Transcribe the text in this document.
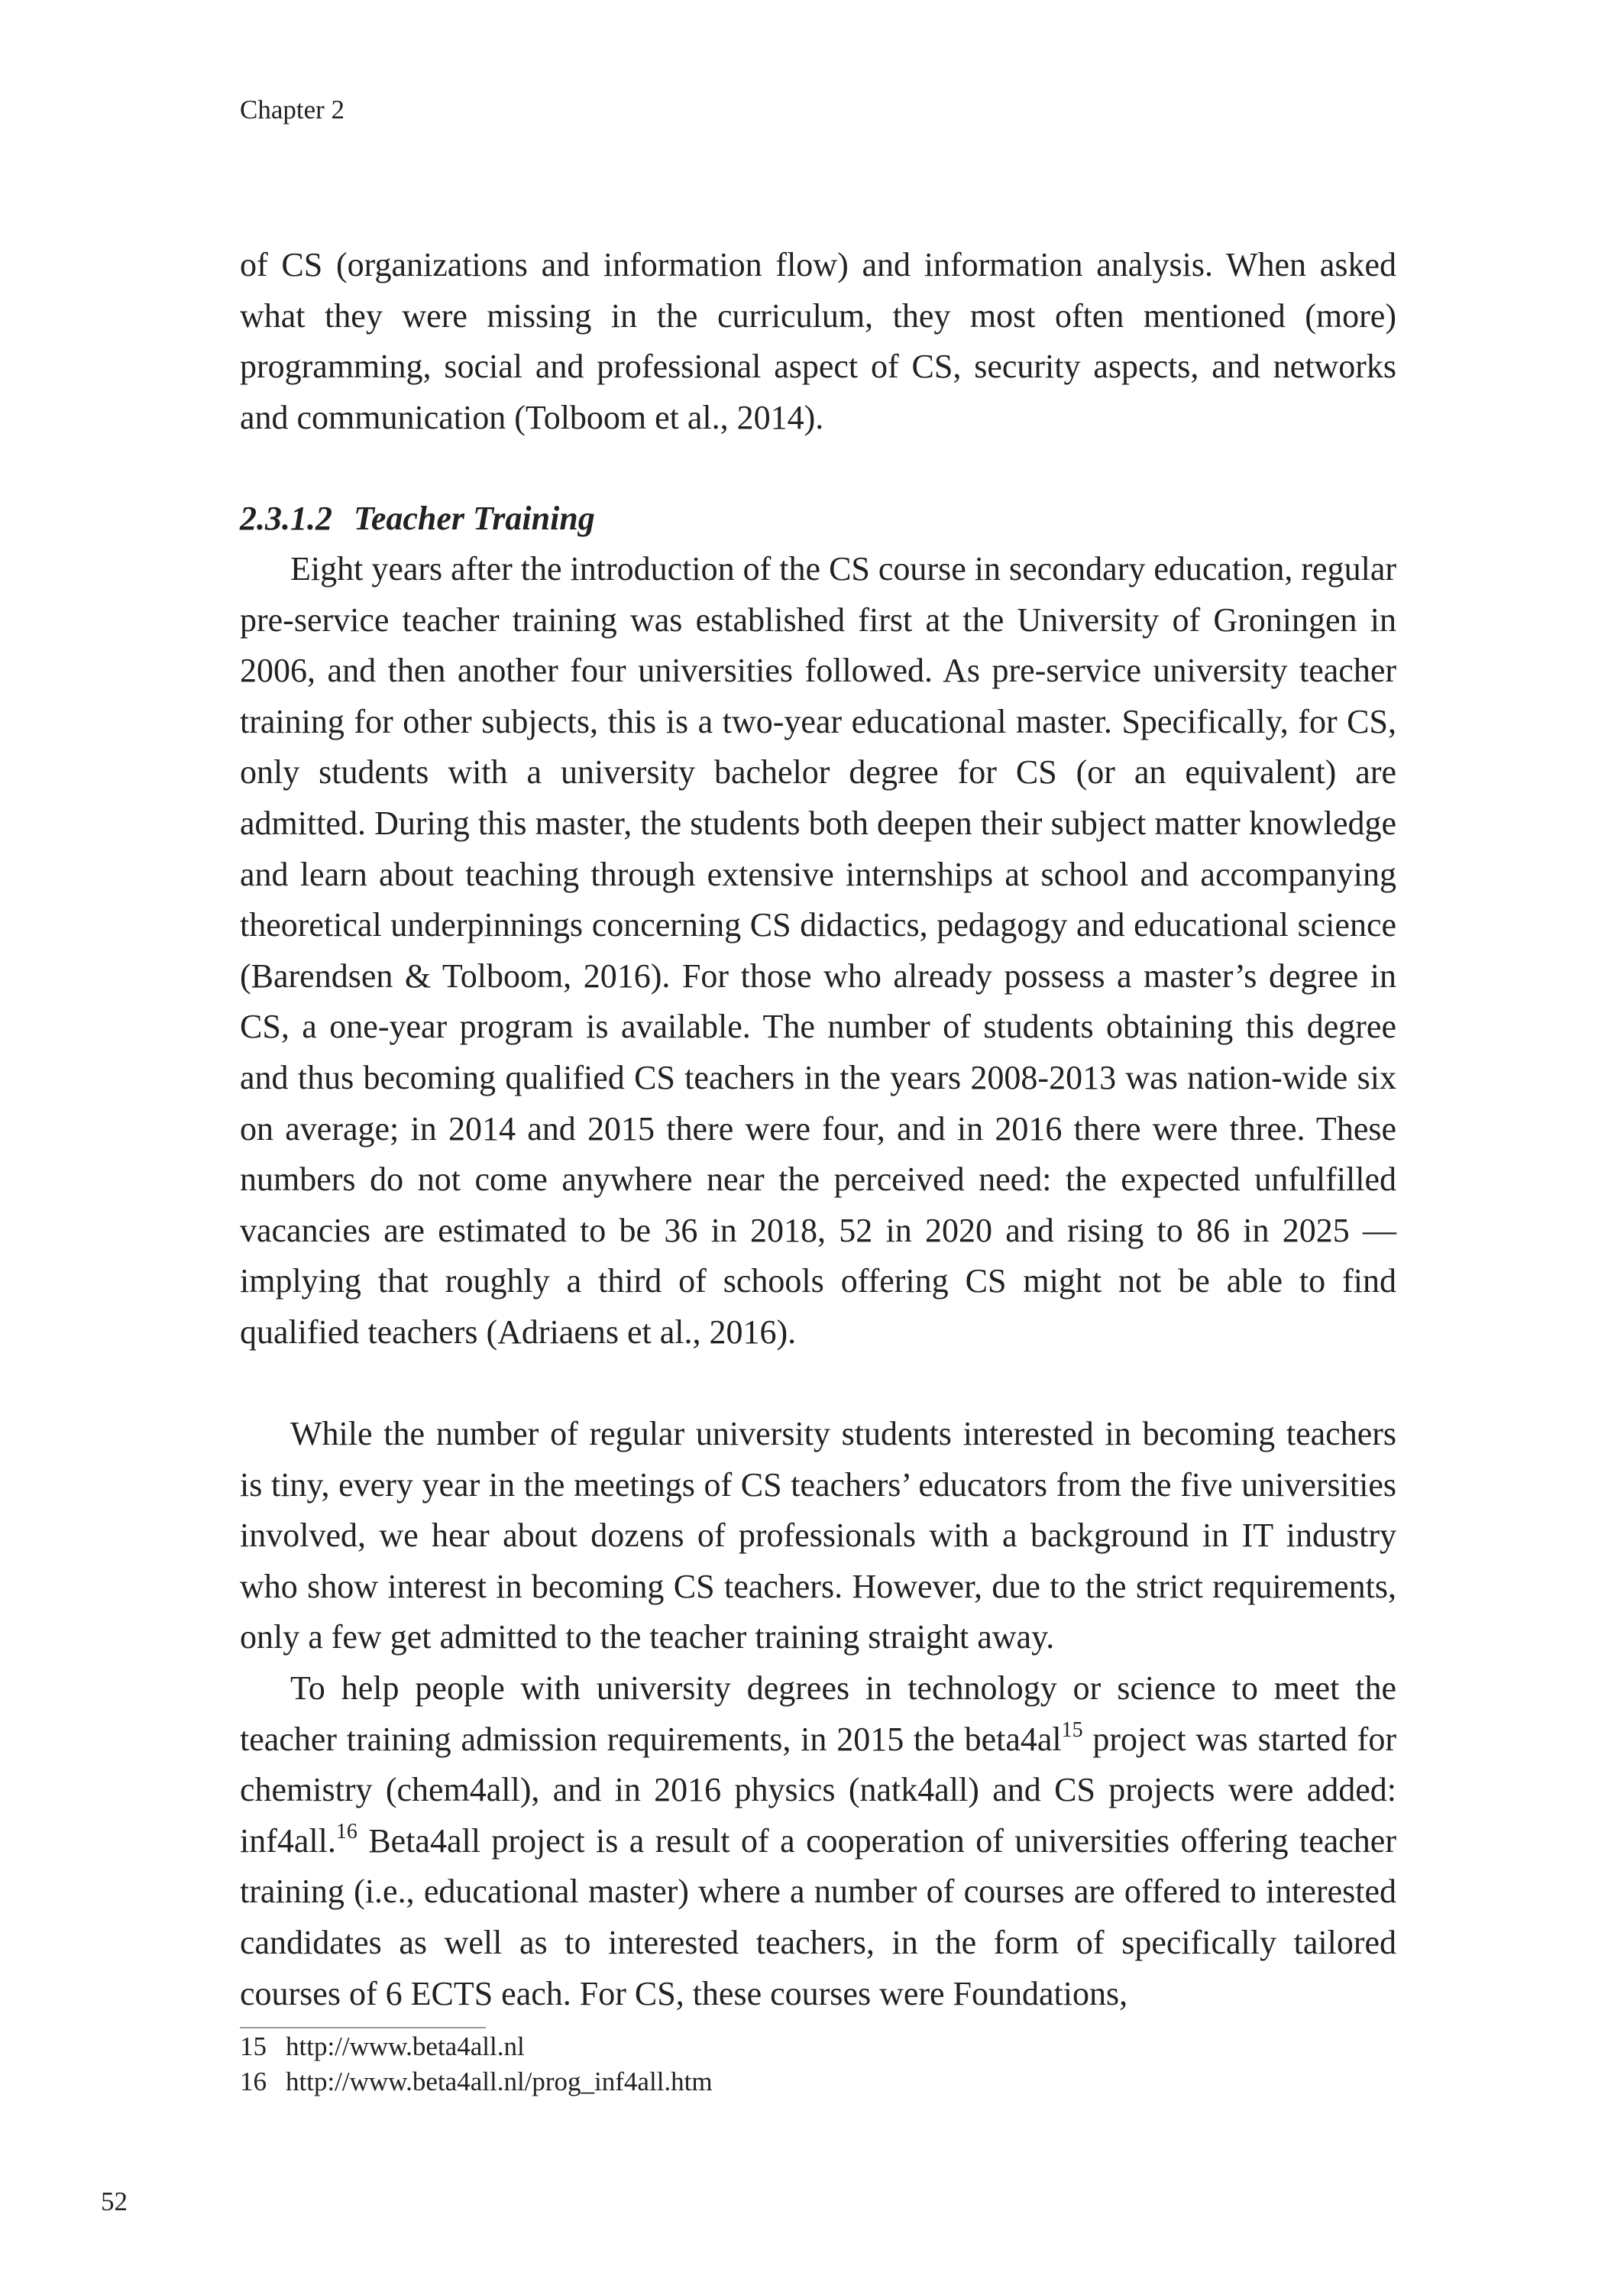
Chapter 2

of CS (organizations and information flow) and information analysis. When asked what they were missing in the curriculum, they most often mentioned (more) programming, social and professional aspect of CS, security aspects, and networks and communication (Tolboom et al., 2014).

2.3.1.2 Teacher Training

Eight years after the introduction of the CS course in secondary education, regular pre-service teacher training was established first at the University of Groningen in 2006, and then another four universities followed. As pre-service university teacher training for other subjects, this is a two-year educational master. Specifically, for CS, only students with a university bachelor degree for CS (or an equivalent) are admitted. During this master, the students both deepen their subject matter knowledge and learn about teaching through extensive internships at school and accompanying theoretical underpinnings concerning CS didactics, pedagogy and educational science (Barendsen & Tolboom, 2016). For those who already possess a master’s degree in CS, a one-year program is available. The number of students obtaining this degree and thus becoming qualified CS teachers in the years 2008-2013 was nation-wide six on average; in 2014 and 2015 there were four, and in 2016 there were three. These numbers do not come anywhere near the perceived need: the expected unfulfilled vacancies are estimated to be 36 in 2018, 52 in 2020 and rising to 86 in 2025 — implying that roughly a third of schools offering CS might not be able to find qualified teachers (Adriaens et al., 2016).

While the number of regular university students interested in becoming teachers is tiny, every year in the meetings of CS teachers’ educators from the five universities involved, we hear about dozens of professionals with a background in IT industry who show interest in becoming CS teachers. However, due to the strict requirements, only a few get admitted to the teacher training straight away.

To help people with university degrees in technology or science to meet the teacher training admission requirements, in 2015 the $beta4al^{15}$ project was started for chemistry (chem4all), and in 2016 physics (natk4all) and CS projects were added: inf4all.$^{16}$ Beta4all project is a result of a cooperation of universities offering teacher training (i.e., educational master) where a number of courses are offered to interested candidates as well as to interested teachers, in the form of specifically tailored courses of 6 ECTS each. For CS, these courses were Foundations,

15 http://www.beta4all.nl
16 http://www.beta4all.nl/prog_inf4all.htm
52
